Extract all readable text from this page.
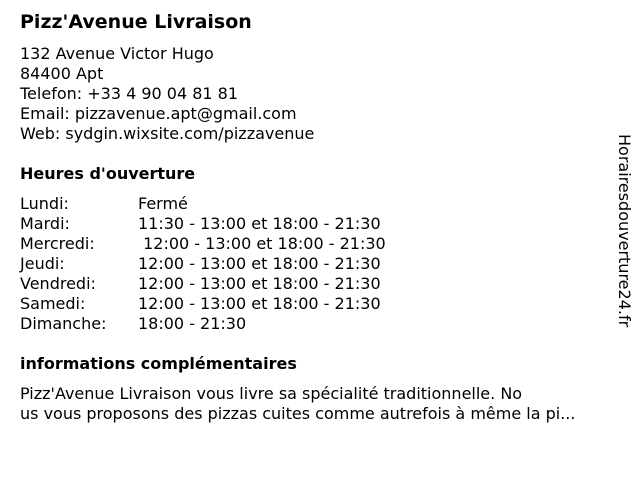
Pizz'Avenue Livraison
132 Avenue Victor Hugo
84400 Apt
Telefon: +33 4 90 04 81 81
Email: pizzavenue.apt@gmail.com
Web: sydgin.wixsite.com/pizzavenue
Heures d'ouverture
Lundi:	Fermé
Mardi:	11:30 - 13:00 et 18:00 - 21:30
Mercredi:	12:00 - 13:00 et 18:00 - 21:30
Jeudi:	12:00 - 13:00 et 18:00 - 21:30
Vendredi:	12:00 - 13:00 et 18:00 - 21:30
Samedi:	12:00 - 13:00 et 18:00 - 21:30
Dimanche:	18:00 - 21:30
informations complémentaires
Pizz'Avenue Livraison vous livre sa spécialité traditionnelle. No
us vous proposons des pizzas cuites comme autrefois à même la pi...
Horairesdouverture24.fr
